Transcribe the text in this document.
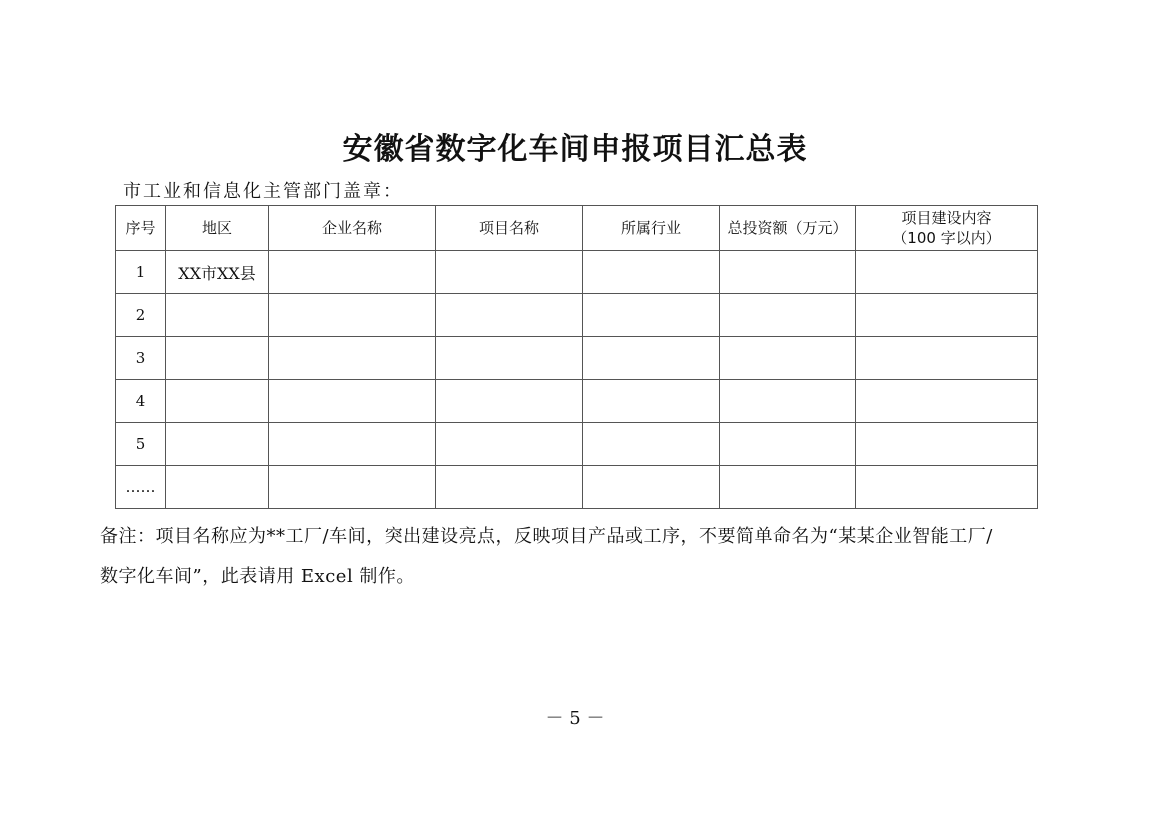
安徽省数字化车间申报项目汇总表
市工业和信息化主管部门盖章：
序号	地区	企业名称	项目名称	所属行业	总投资额（万元）	项目建设内容
（100 字以内）

1	XX市XX县					
2						
3						
4						
5						
……						
备注：项目名称应为**工厂/车间，突出建设亮点，反映项目产品或工序，不要简单命名为“某某企业智能工厂/
数字化车间”，此表请用 Excel 制作。
－ 5 －
